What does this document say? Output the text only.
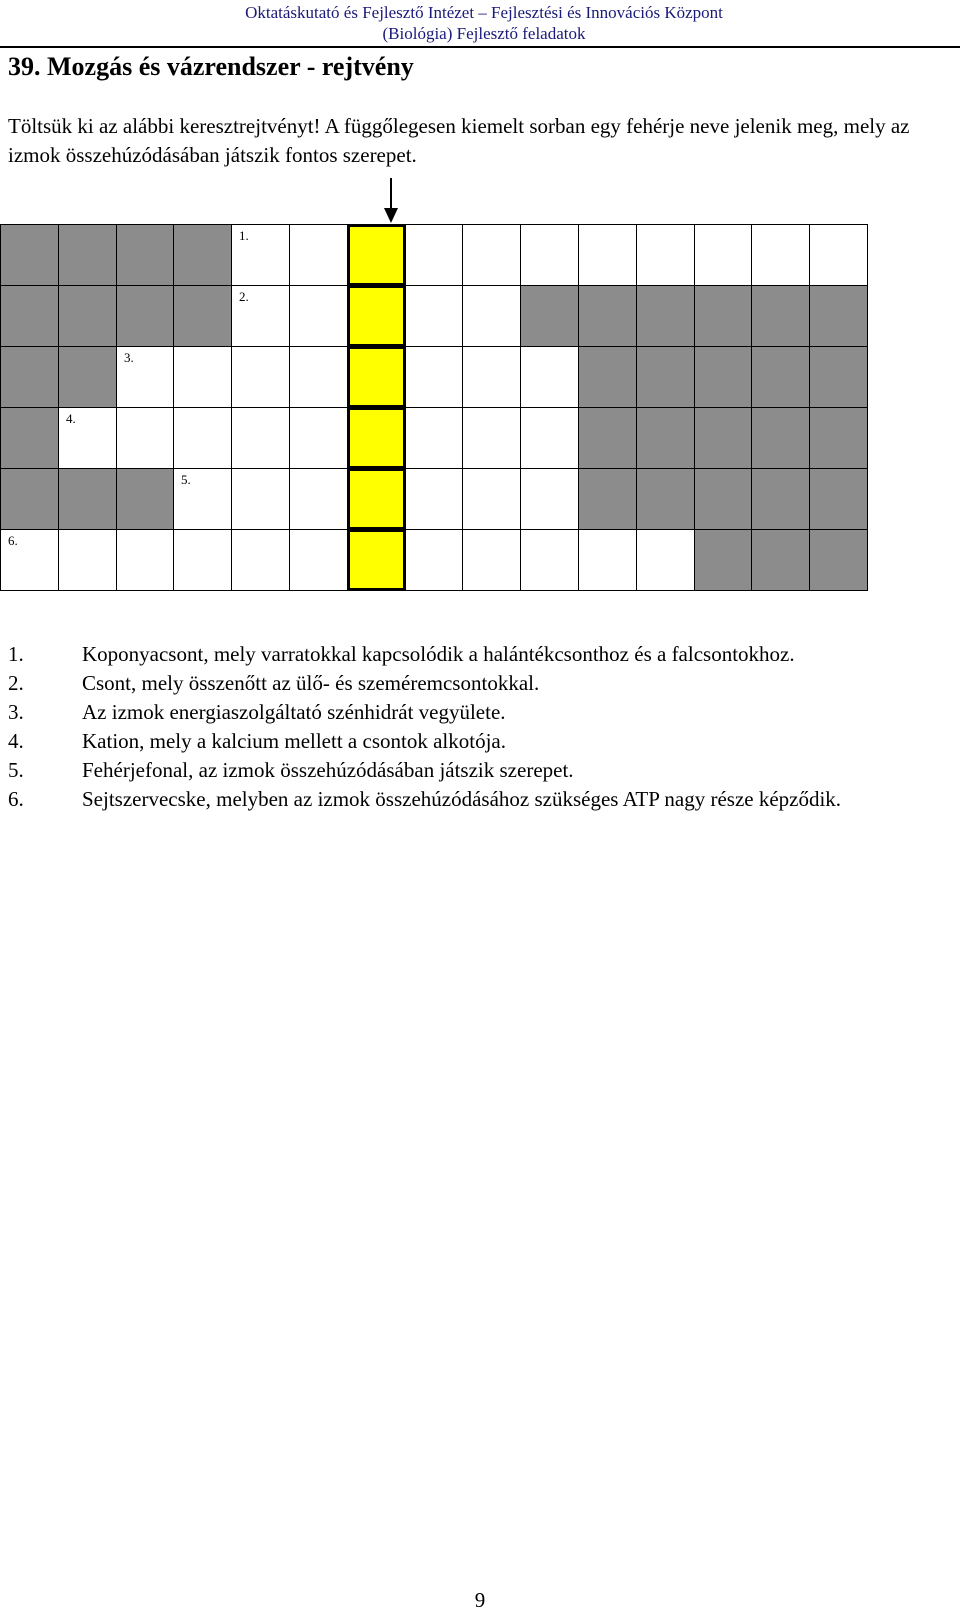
Oktatáskutató és Fejlesztő Intézet – Fejlesztési és Innovációs Központ
(Biológia) Fejlesztő feladatok
39. Mozgás és vázrendszer - rejtvény
Töltsük ki az alábbi keresztrejtvényt! A függőlegesen kiemelt sorban egy fehérje neve jelenik meg, mely az izmok összehúzódásában játszik fontos szerepet.
1.
2.
3.
4.
5.
6.
1.	Koponyacsont, mely varratokkal kapcsolódik a halántékcsonthoz és a falcsontokhoz.
2.	Csont, mely összenőtt az ülő- és szeméremcsontokkal.
3.	Az izmok energiaszolgáltató szénhidrát vegyülete.
4.	Kation, mely a kalcium mellett a csontok alkotója.
5.	Fehérjefonal, az izmok összehúzódásában játszik szerepet.
6.	Sejtszervecske, melyben az izmok összehúzódásához szükséges ATP nagy része képződik.
9
